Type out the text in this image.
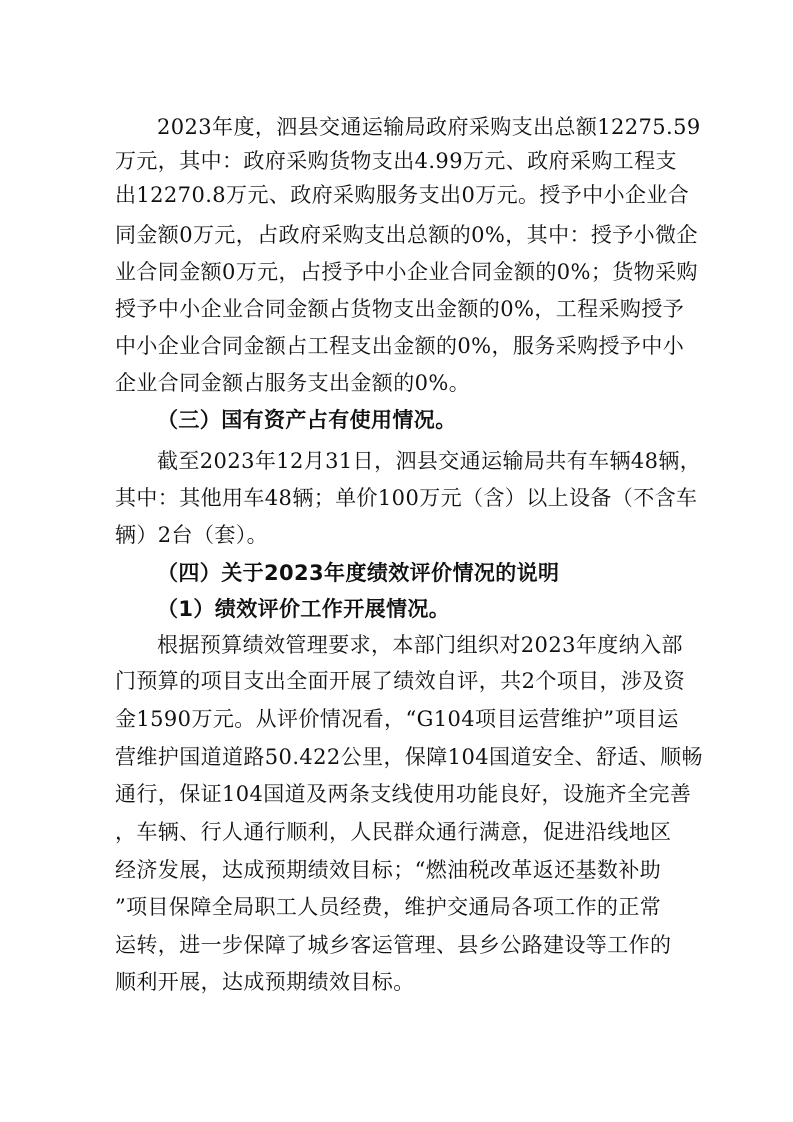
2023年度，泗县交通运输局政府采购支出总额12275.59
万元，其中：政府采购货物支出4.99万元、政府采购工程支
出12270.8万元、政府采购服务支出0万元。授予中小企业合
同金额0万元，占政府采购支出总额的0%，其中：授予小微企
业合同金额0万元，占授予中小企业合同金额的0%；货物采购
授予中小企业合同金额占货物支出金额的0%，工程采购授予
中小企业合同金额占工程支出金额的0%，服务采购授予中小
企业合同金额占服务支出金额的0%。
（三）国有资产占有使用情况。
截至2023年12月31日，泗县交通运输局共有车辆48辆，
其中：其他用车48辆；单价100万元（含）以上设备（不含车
辆）2台（套）。
（四）关于2023年度绩效评价情况的说明
（1）绩效评价工作开展情况。
根据预算绩效管理要求，本部门组织对2023年度纳入部
门预算的项目支出全面开展了绩效自评，共2个项目，涉及资
金1590万元。从评价情况看，“G104项目运营维护”项目运
营维护国道道路50.422公里，保障104国道安全、舒适、顺畅
通行，保证104国道及两条支线使用功能良好，设施齐全完善
，车辆、行人通行顺利，人民群众通行满意，促进沿线地区
经济发展，达成预期绩效目标；“燃油税改革返还基数补助
”项目保障全局职工人员经费，维护交通局各项工作的正常
运转，进一步保障了城乡客运管理、县乡公路建设等工作的
顺利开展，达成预期绩效目标。
